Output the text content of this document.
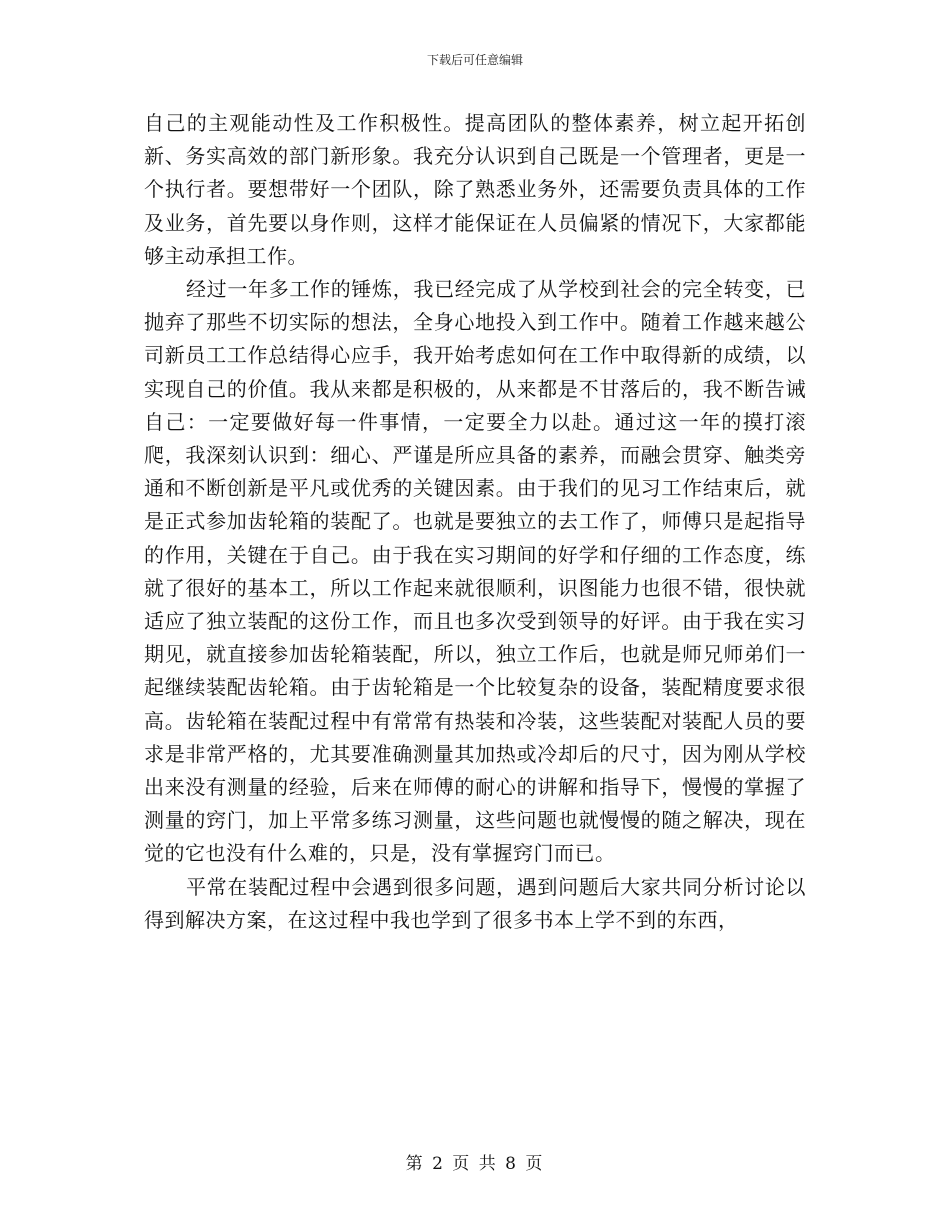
下载后可任意编辑

自己的主观能动性及工作积极性。提高团队的整体素养，树立起开拓创新、务实高效的部门新形象。我充分认识到自己既是一个管理者，更是一个执行者。要想带好一个团队，除了熟悉业务外，还需要负责具体的工作及业务，首先要以身作则，这样才能保证在人员偏紧的情况下，大家都能够主动承担工作。

经过一年多工作的锤炼，我已经完成了从学校到社会的完全转变，已抛弃了那些不切实际的想法，全身心地投入到工作中。随着工作越来越公司新员工工作总结得心应手，我开始考虑如何在工作中取得新的成绩，以实现自己的价值。我从来都是积极的，从来都是不甘落后的，我不断告诫自己：一定要做好每一件事情，一定要全力以赴。通过这一年的摸打滚爬，我深刻认识到：细心、严谨是所应具备的素养，而融会贯穿、触类旁通和不断创新是平凡或优秀的关键因素。由于我们的见习工作结束后，就是正式参加齿轮箱的装配了。也就是要独立的去工作了，师傅只是起指导的作用，关键在于自己。由于我在实习期间的好学和仔细的工作态度，练就了很好的基本工，所以工作起来就很顺利，识图能力也很不错，很快就适应了独立装配的这份工作，而且也多次受到领导的好评。由于我在实习期见，就直接参加齿轮箱装配，所以，独立工作后，也就是师兄师弟们一起继续装配齿轮箱。由于齿轮箱是一个比较复杂的设备，装配精度要求很高。齿轮箱在装配过程中有常常有热装和冷装，这些装配对装配人员的要求是非常严格的，尤其要准确测量其加热或冷却后的尺寸，因为刚从学校出来没有测量的经验，后来在师傅的耐心的讲解和指导下，慢慢的掌握了测量的窍门，加上平常多练习测量，这些问题也就慢慢的随之解决，现在觉的它也没有什么难的，只是，没有掌握窍门而已。

平常在装配过程中会遇到很多问题，遇到问题后大家共同分析讨论以得到解决方案，在这过程中我也学到了很多书本上学不到的东西，

第 2 页 共 8 页
